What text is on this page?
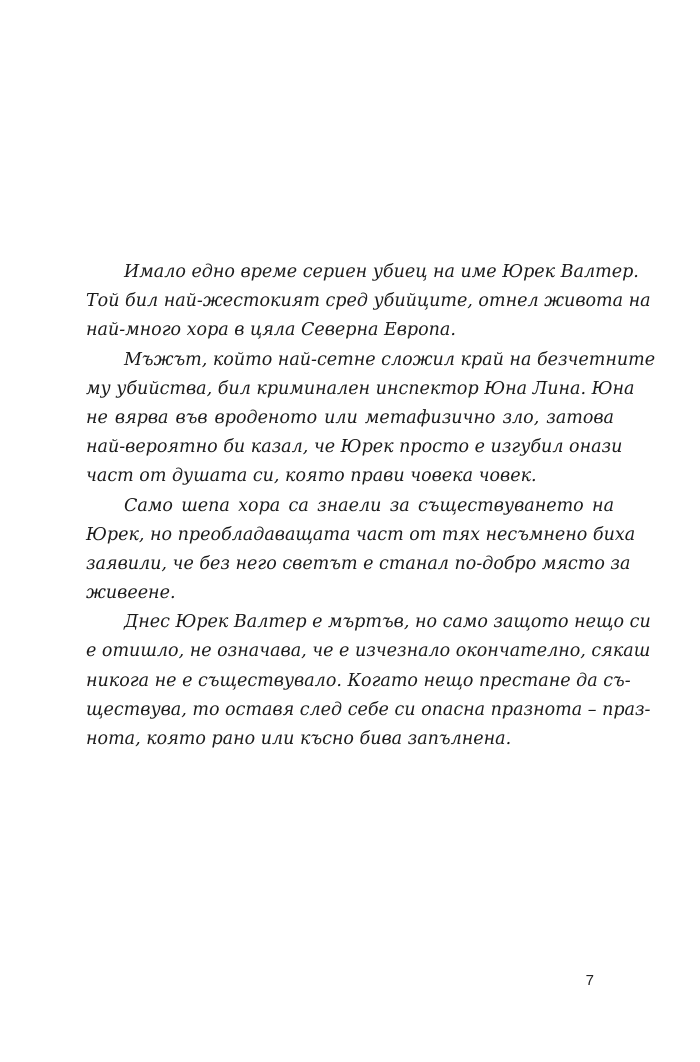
Имало едно време сериен убиец на име Юрек Валтер.
Той бил най-жестокият сред убийците, отнел живота на
най-много хора в цяла Северна Европа.
Мъжът, който най-сетне сложил край на безчетните
му убийства, бил криминален инспектор Юна Лина. Юна
не вярва във вроденото или метафизично зло, затова
най-вероятно би казал, че Юрек просто е изгубил онази
част от душата си, която прави човека човек.
Само шепа хора са знаели за съществуването на
Юрек, но преобладаващата част от тях несъмнено биха
заявили, че без него светът е станал по-добро място за
живеене.
Днес Юрек Валтер е мъртъв, но само защото нещо си
е отишло, не означава, че е изчезнало окончателно, сякаш
никога не е съществувало. Когато нещо престане да съ-
ществува, то оставя след себе си опасна празнота – праз-
нота, която рано или късно бива запълнена.
7
